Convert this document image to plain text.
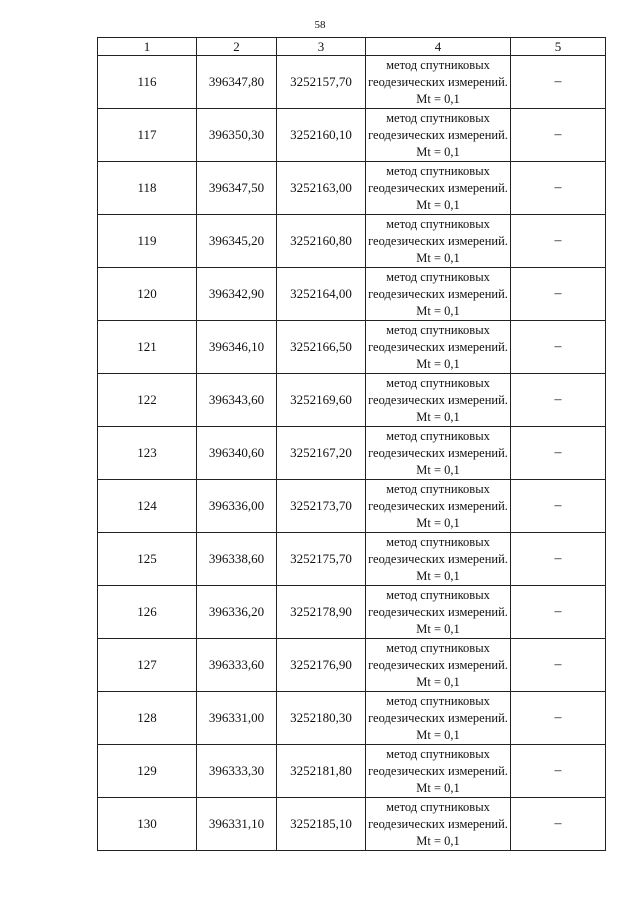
58
1	2	3	4	5
116	396347,80	3252157,70	метод спутниковых геодезических измерений. Mt = 0,1	–
117	396350,30	3252160,10	метод спутниковых геодезических измерений. Mt = 0,1	–
118	396347,50	3252163,00	метод спутниковых геодезических измерений. Mt = 0,1	–
119	396345,20	3252160,80	метод спутниковых геодезических измерений. Mt = 0,1	–
120	396342,90	3252164,00	метод спутниковых геодезических измерений. Mt = 0,1	–
121	396346,10	3252166,50	метод спутниковых геодезических измерений. Mt = 0,1	–
122	396343,60	3252169,60	метод спутниковых геодезических измерений. Mt = 0,1	–
123	396340,60	3252167,20	метод спутниковых геодезических измерений. Mt = 0,1	–
124	396336,00	3252173,70	метод спутниковых геодезических измерений. Mt = 0,1	–
125	396338,60	3252175,70	метод спутниковых геодезических измерений. Mt = 0,1	–
126	396336,20	3252178,90	метод спутниковых геодезических измерений. Mt = 0,1	–
127	396333,60	3252176,90	метод спутниковых геодезических измерений. Mt = 0,1	–
128	396331,00	3252180,30	метод спутниковых геодезических измерений. Mt = 0,1	–
129	396333,30	3252181,80	метод спутниковых геодезических измерений. Mt = 0,1	–
130	396331,10	3252185,10	метод спутниковых геодезических измерений. Mt = 0,1	–
